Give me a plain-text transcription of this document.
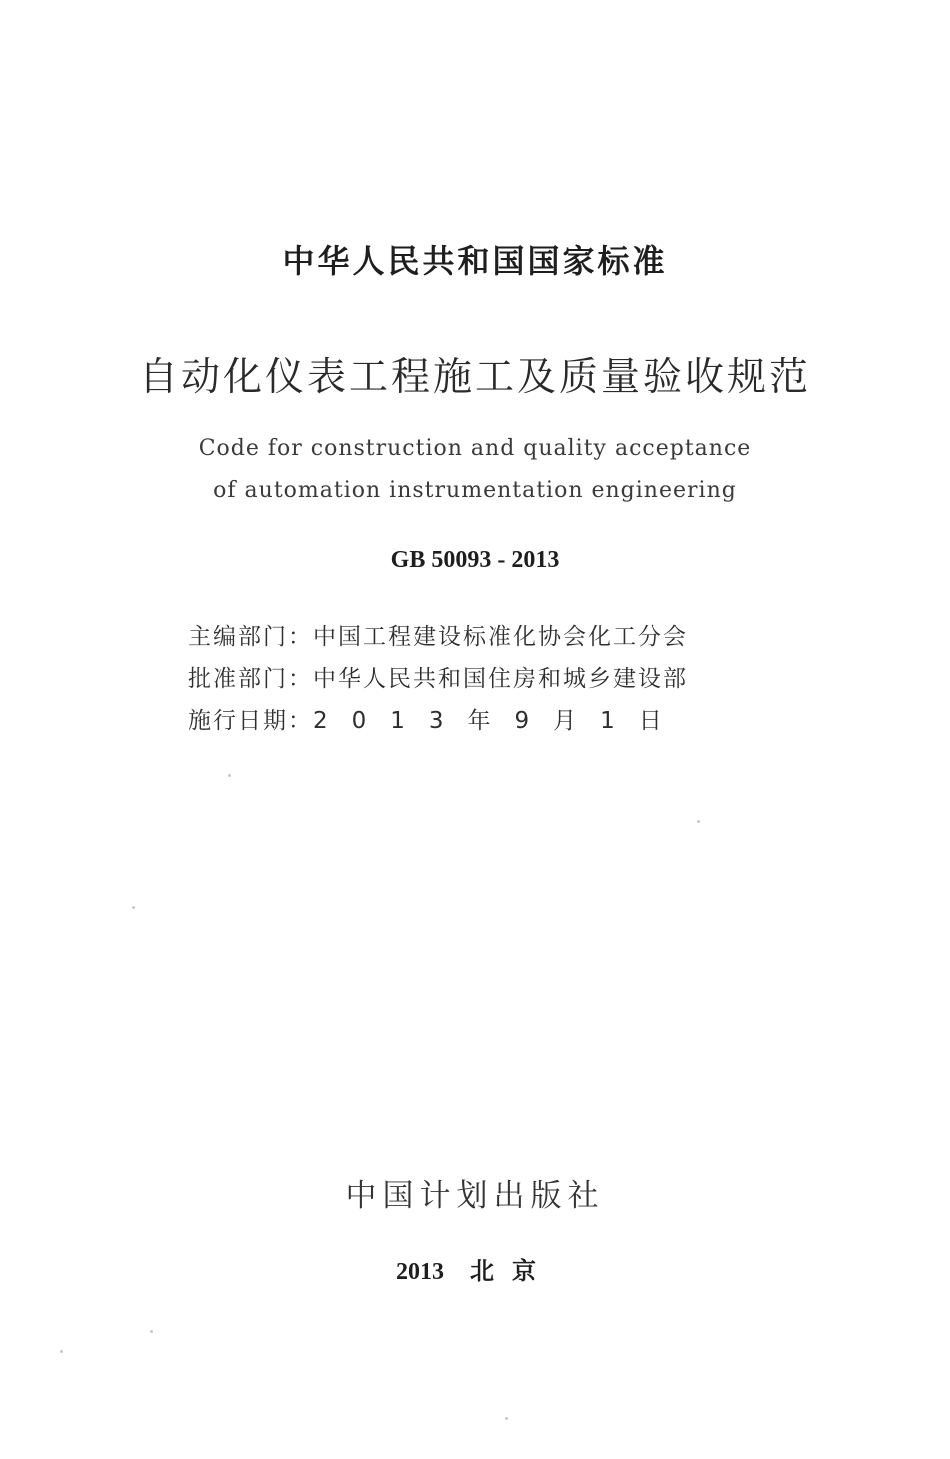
中华人民共和国国家标准
自动化仪表工程施工及质量验收规范
Code for construction and quality acceptance
of automation instrumentation engineering
GB 50093 - 2013
主编部门：中国工程建设标准化协会化工分会
批准部门：中华人民共和国住房和城乡建设部
施行日期：2013年9月1日
中国计划出版社
2013 北京
